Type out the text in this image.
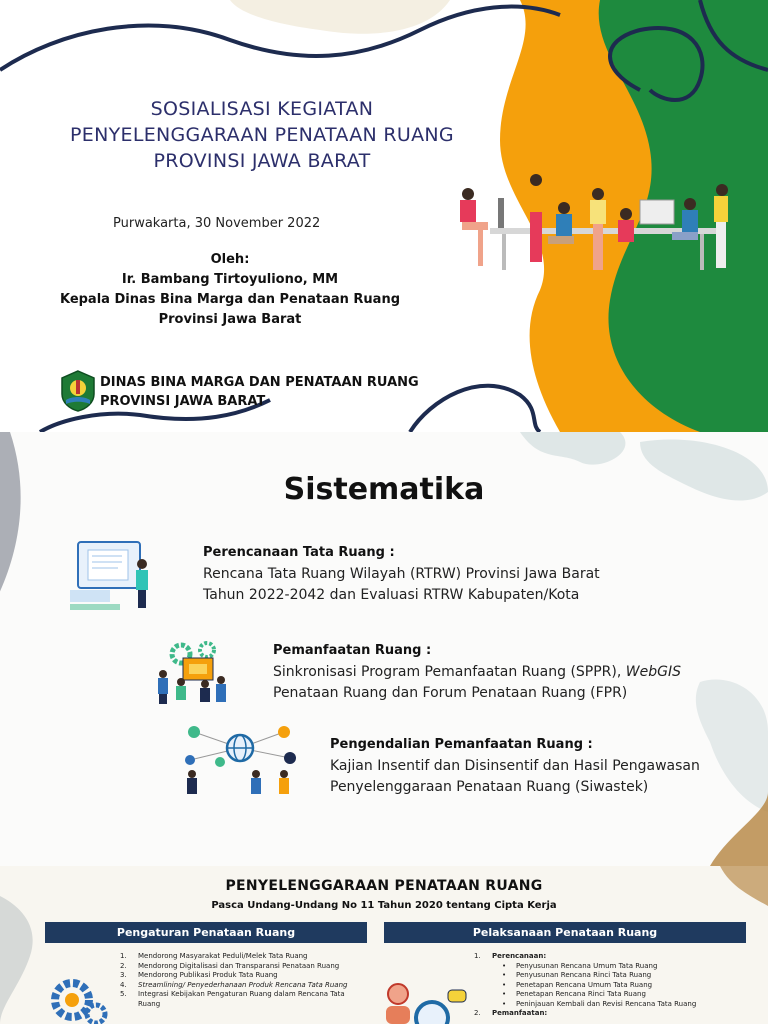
SOSIALISASI KEGIATAN
PENYELENGGARAAN PENATAAN RUANG
PROVINSI JAWA BARAT
Purwakarta, 30 November 2022
Oleh:
Ir. Bambang Tirtoyuliono, MM
Kepala Dinas Bina Marga dan Penataan Ruang
Provinsi Jawa Barat
DINAS BINA MARGA DAN PENATAAN RUANG
PROVINSI JAWA BARAT
Sistematika
Perencanaan Tata Ruang :
Rencana Tata Ruang Wilayah (RTRW) Provinsi Jawa Barat
Tahun 2022-2042 dan Evaluasi RTRW Kabupaten/Kota
Pemanfaatan Ruang :
Sinkronisasi Program Pemanfaatan Ruang (SPPR), WebGIS
Penataan Ruang dan Forum Penataan Ruang (FPR)
Pengendalian Pemanfaatan Ruang :
Kajian Insentif dan Disinsentif dan Hasil Pengawasan
Penyelenggaraan Penataan Ruang (Siwastek)
PENYELENGGARAAN PENATAAN RUANG
Pasca Undang-Undang No 11 Tahun 2020 tentang Cipta Kerja
Pengaturan Penataan Ruang	Pelaksanaan Penataan Ruang
1. Mendorong Masyarakat Peduli/Melek Tata Ruang
2. Mendorong Digitalisasi dan Transparansi Penataan Ruang
3. Mendorong Publikasi Produk Tata Ruang
4. Streamlining/ Penyederhanaan Produk Rencana Tata Ruang
5. Integrasi Kebijakan Pengaturan Ruang dalam Rencana Tata
Ruang
1. Perencanaan:
• Penyusunan Rencana Umum Tata Ruang
• Penyusunan Rencana Rinci Tata Ruang
• Penetapan Rencana Umum Tata Ruang
• Penetapan Rencana Rinci Tata Ruang
• Peninjauan Kembali dan Revisi Rencana Tata Ruang
2. Pemanfaatan:
